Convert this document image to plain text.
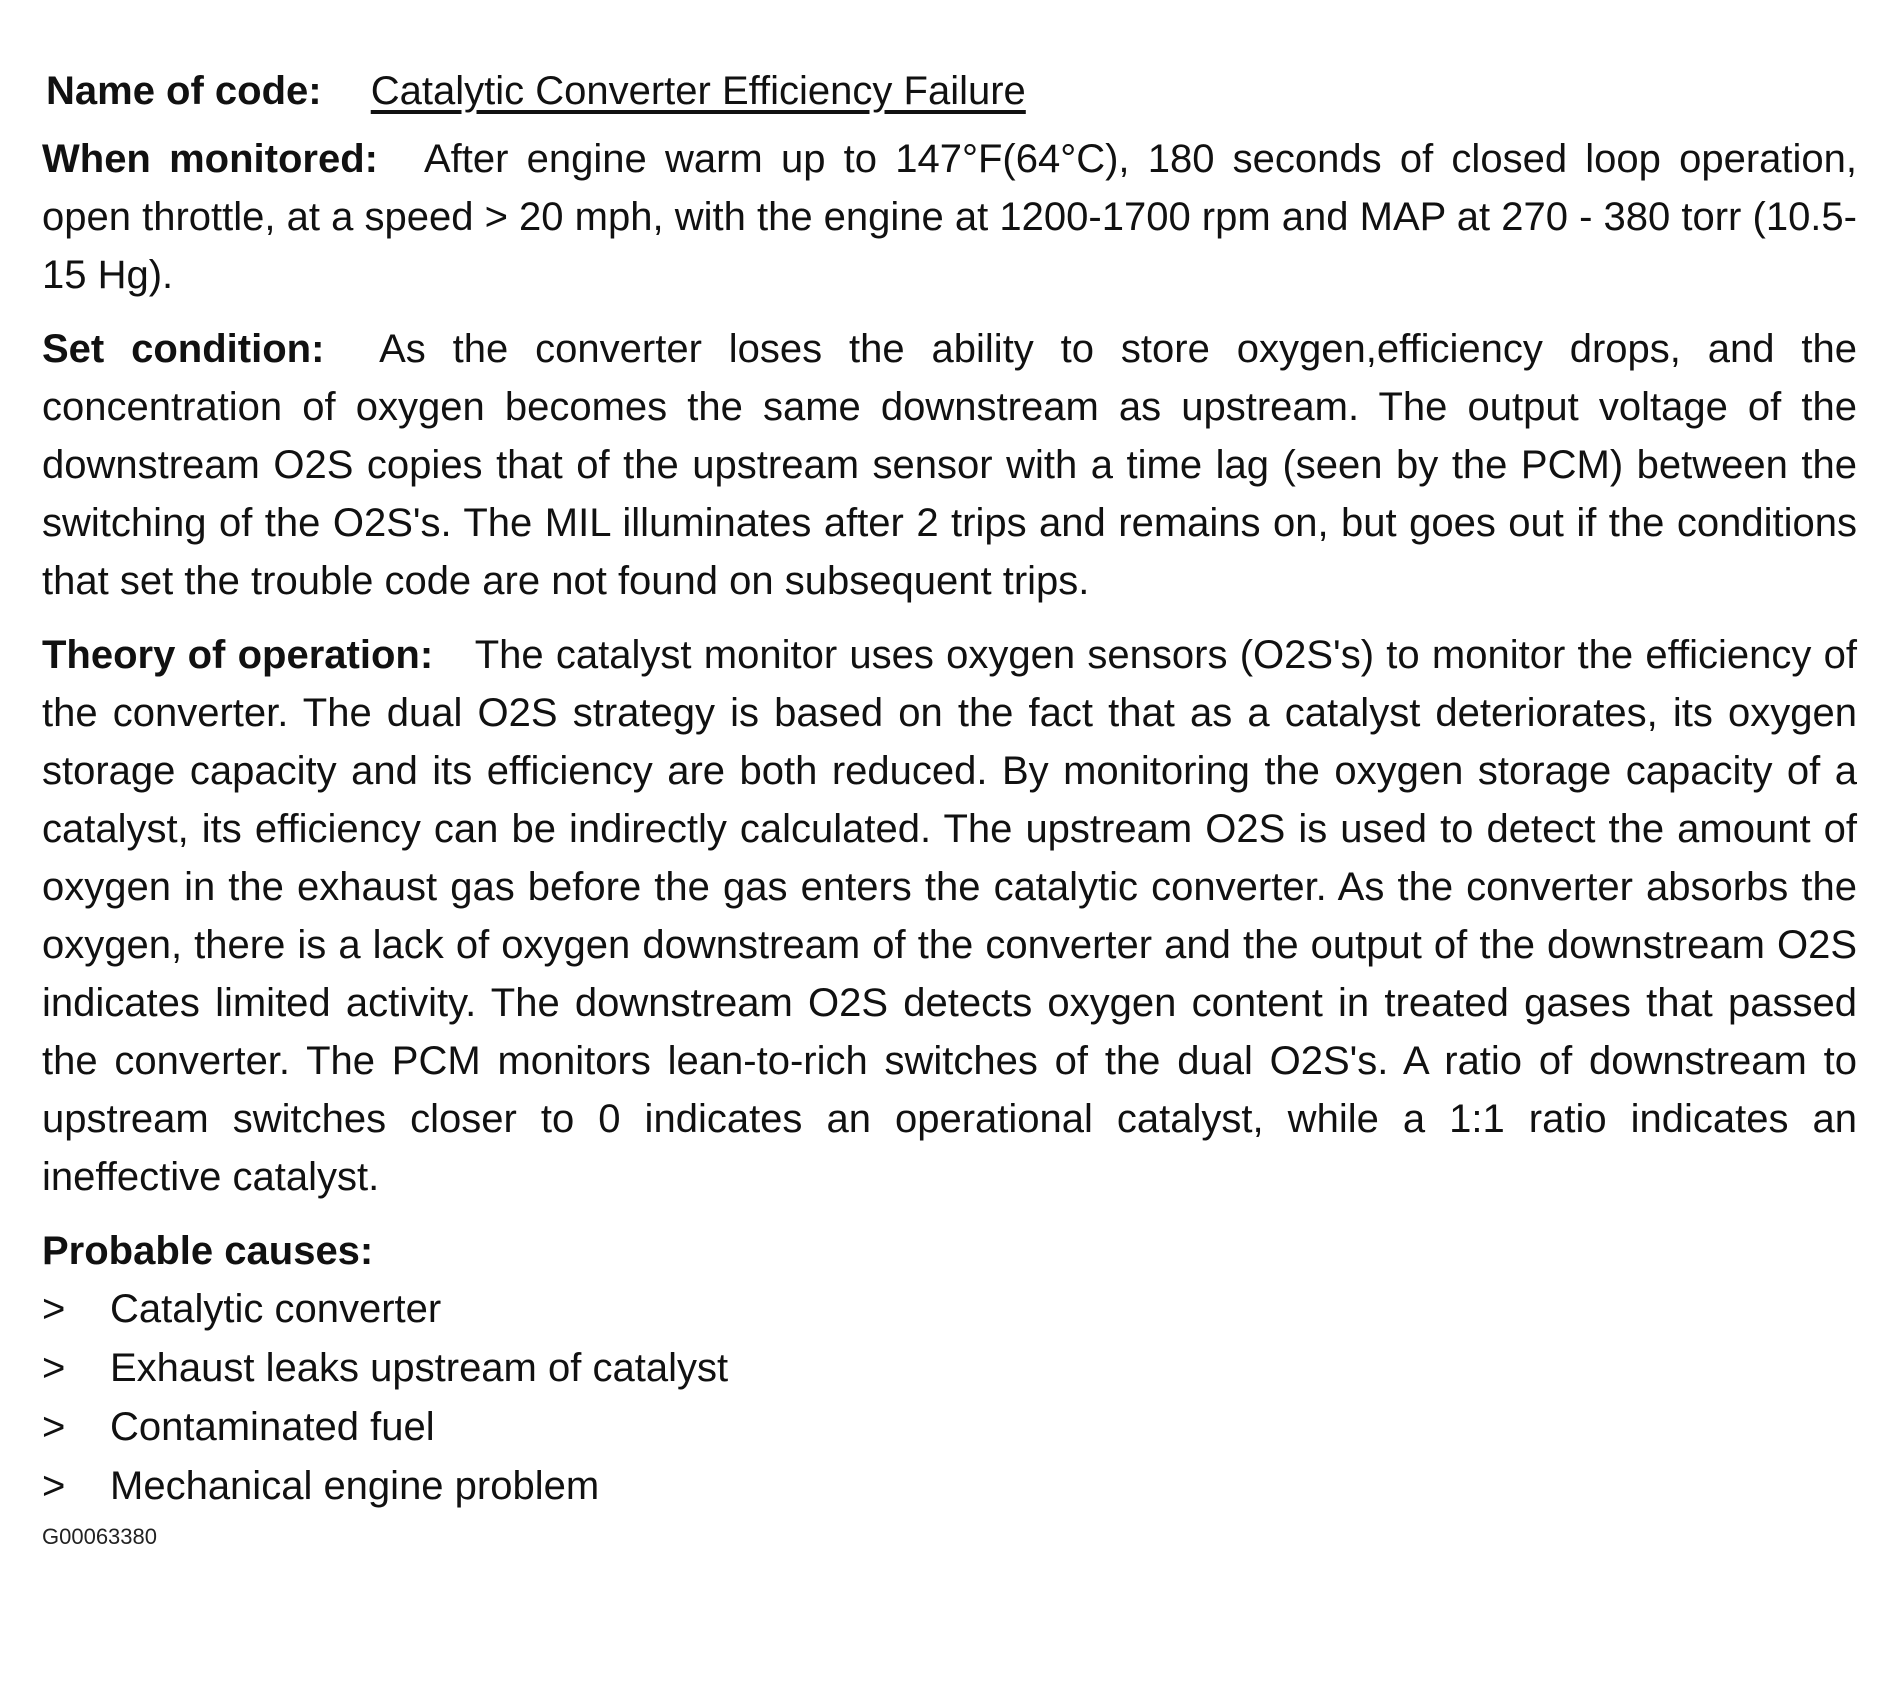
Name of code: Catalytic Converter Efficiency Failure

When monitored: After engine warm up to 147°F(64°C), 180 seconds of closed loop operation, open throttle, at a speed > 20 mph, with the engine at 1200-1700 rpm and MAP at 270 - 380 torr (10.5-15 Hg).

Set condition: As the converter loses the ability to store oxygen,efficiency drops, and the concentration of oxygen becomes the same downstream as upstream. The output voltage of the downstream O2S copies that of the upstream sensor with a time lag (seen by the PCM) between the switching of the O2S's. The MIL illuminates after 2 trips and remains on, but goes out if the conditions that set the trouble code are not found on subsequent trips.

Theory of operation: The catalyst monitor uses oxygen sensors (O2S's) to monitor the efficiency of the converter. The dual O2S strategy is based on the fact that as a catalyst deteriorates, its oxygen storage capacity and its efficiency are both reduced. By monitoring the oxygen storage capacity of a catalyst, its efficiency can be indirectly calculated. The upstream O2S is used to detect the amount of oxygen in the exhaust gas before the gas enters the catalytic converter. As the converter absorbs the oxygen, there is a lack of oxygen downstream of the converter and the output of the downstream O2S indicates limited activity. The downstream O2S detects oxygen content in treated gases that passed the converter. The PCM monitors lean-to-rich switches of the dual O2S's. A ratio of downstream to upstream switches closer to 0 indicates an operational catalyst, while a 1:1 ratio indicates an ineffective catalyst.

Probable causes:
>	Catalytic converter
>	Exhaust leaks upstream of catalyst
>	Contaminated fuel
>	Mechanical engine problem
G00063380
